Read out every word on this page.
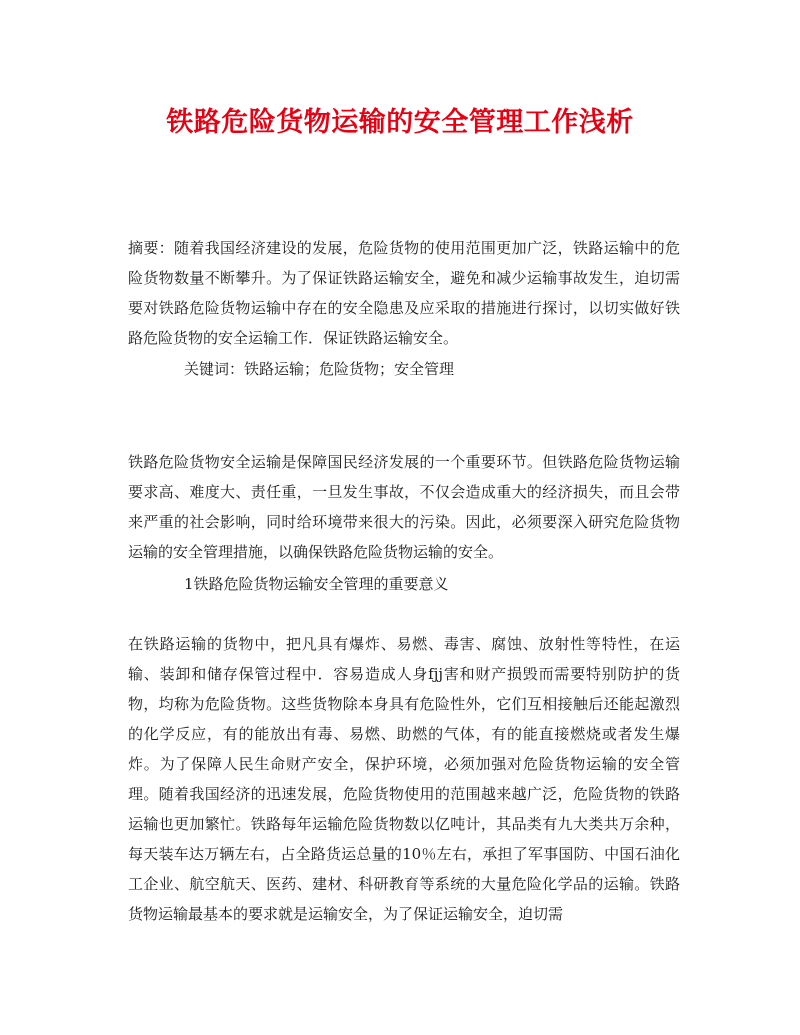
铁路危险货物运输的安全管理工作浅析

摘要：随着我国经济建设的发展，危险货物的使用范围更加广泛，铁路运输中的危险货物数量不断攀升。为了保证铁路运输安全，避免和减少运输事故发生，迫切需要对铁路危险货物运输中存在的安全隐患及应采取的措施进行探讨，以切实做好铁路危险货物的安全运输工作．保证铁路运输安全。

关键词：铁路运输；危险货物；安全管理

铁路危险货物安全运输是保障国民经济发展的一个重要环节。但铁路危险货物运输要求高、难度大、责任重，一旦发生事故，不仅会造成重大的经济损失，而且会带来严重的社会影响，同时给环境带来很大的污染。因此，必须要深入研究危险货物运输的安全管理措施，以确保铁路危险货物运输的安全。

1铁路危险货物运输安全管理的重要意义

在铁路运输的货物中，把凡具有爆炸、易燃、毒害、腐蚀、放射性等特性，在运输、装卸和储存保管过程中．容易造成人身fjj害和财产损毁而需要特别防护的货物，均称为危险货物。这些货物除本身具有危险性外，它们互相接触后还能起激烈的化学反应，有的能放出有毒、易燃、助燃的气体，有的能直接燃烧或者发生爆炸。为了保障人民生命财产安全，保护环境，必须加强对危险货物运输的安全管理。随着我国经济的迅速发展，危险货物使用的范围越来越广泛，危险货物的铁路运输也更加繁忙。铁路每年运输危险货物数以亿吨计，其品类有九大类共万余种，每天装车达万辆左右，占全路货运总量的10％左右，承担了军事国防、中国石油化工企业、航空航天、医药、建材、科研教育等系统的大量危险化学品的运输。铁路货物运输最基本的要求就是运输安全，为了保证运输安全，迫切需
